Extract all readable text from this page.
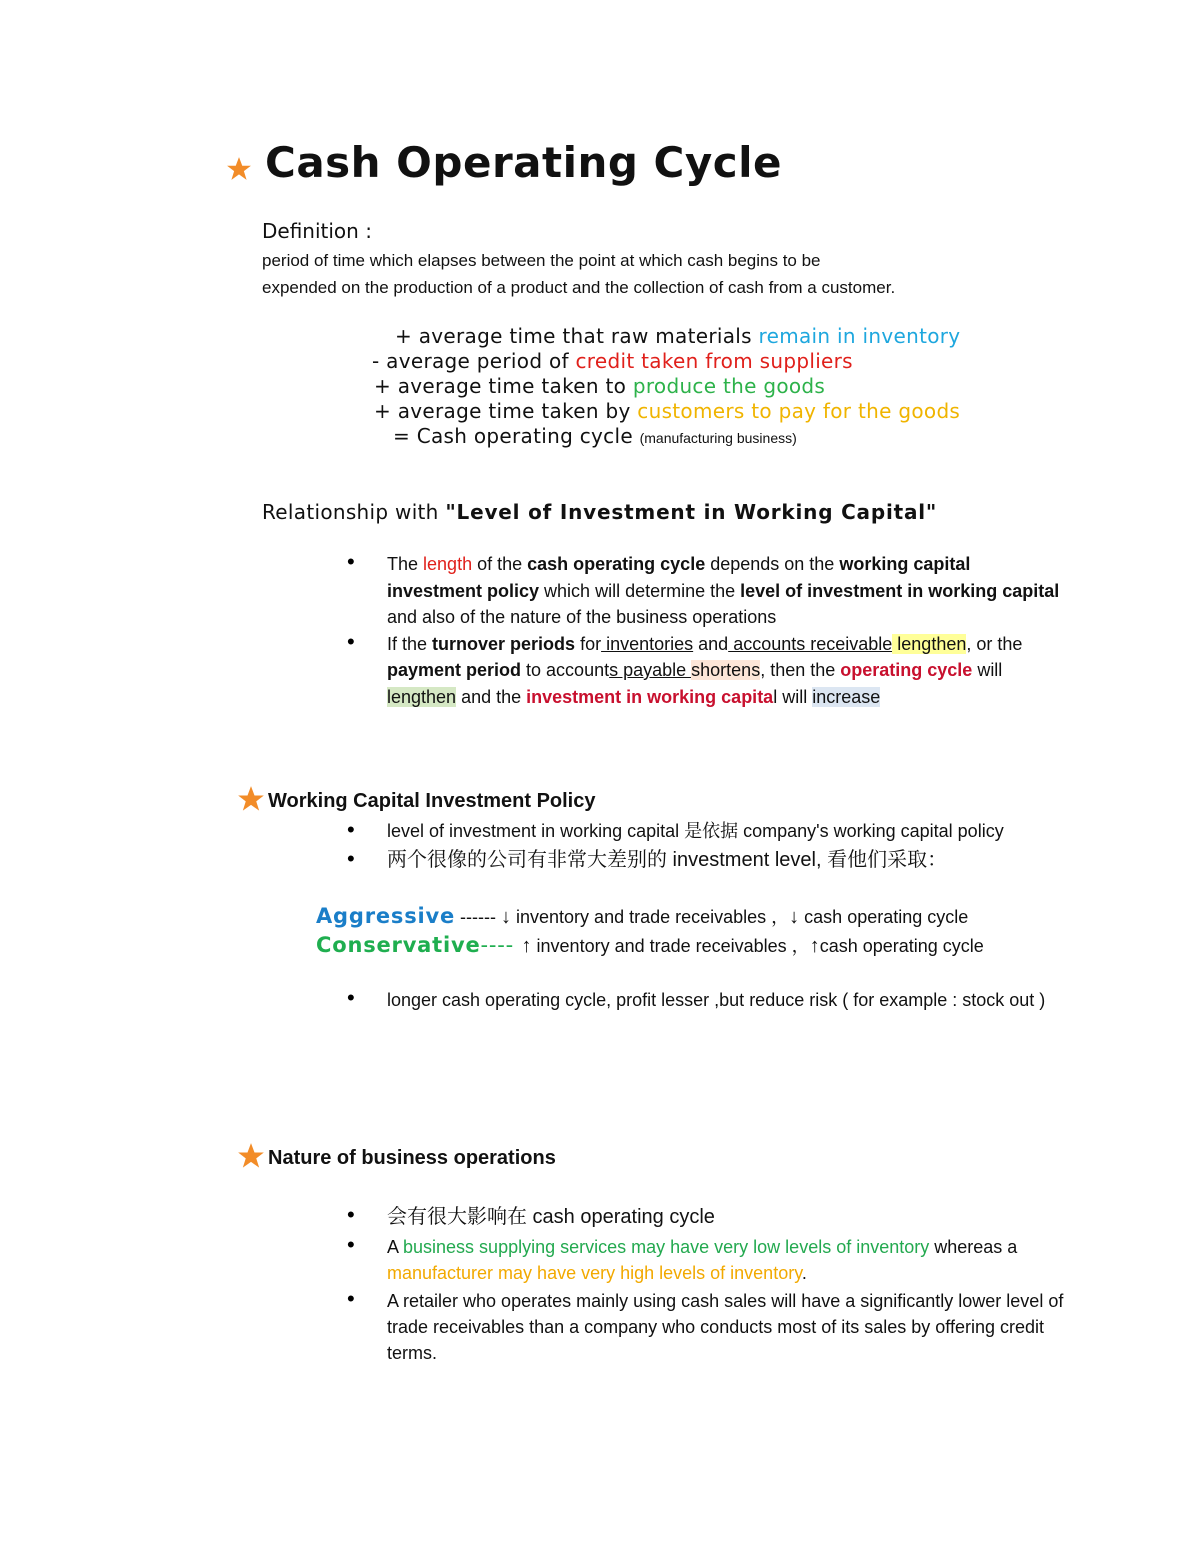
Cash Operating Cycle
Definition :
period of time which elapses between the point at which cash begins to be
expended on the production of a product and the collection of cash from a customer.
+ average time that raw materials remain in inventory
- average period of credit taken from suppliers
+ average time taken to produce the goods
+ average time taken by customers to pay for the goods
= Cash operating cycle (manufacturing business)
Relationship with "Level of Investment in Working Capital"
• The length of the cash operating cycle depends on the working capital investment policy which will determine the level of investment in working capital and also of the nature of the business operations
• If the turnover periods for inventories and accounts receivable lengthen, or the payment period to accounts payable shortens, then the operating cycle will lengthen and the investment in working capital will increase
Working Capital Investment Policy
• level of investment in working capital 是依据 company's working capital policy
• 两个很像的公司有非常大差别的 investment level, 看他们采取：
Aggressive ------ ↓ inventory and trade receivables ，↓ cash operating cycle
Conservative---- ↑ inventory and trade receivables ，↑cash operating cycle
• longer cash operating cycle, profit lesser ,but reduce risk ( for example : stock out )
Nature of business operations
• 会有很大影响在 cash operating cycle
• A business supplying services may have very low levels of inventory whereas a manufacturer may have very high levels of inventory.
• A retailer who operates mainly using cash sales will have a significantly lower level of trade receivables than a company who conducts most of its sales by offering credit terms.
